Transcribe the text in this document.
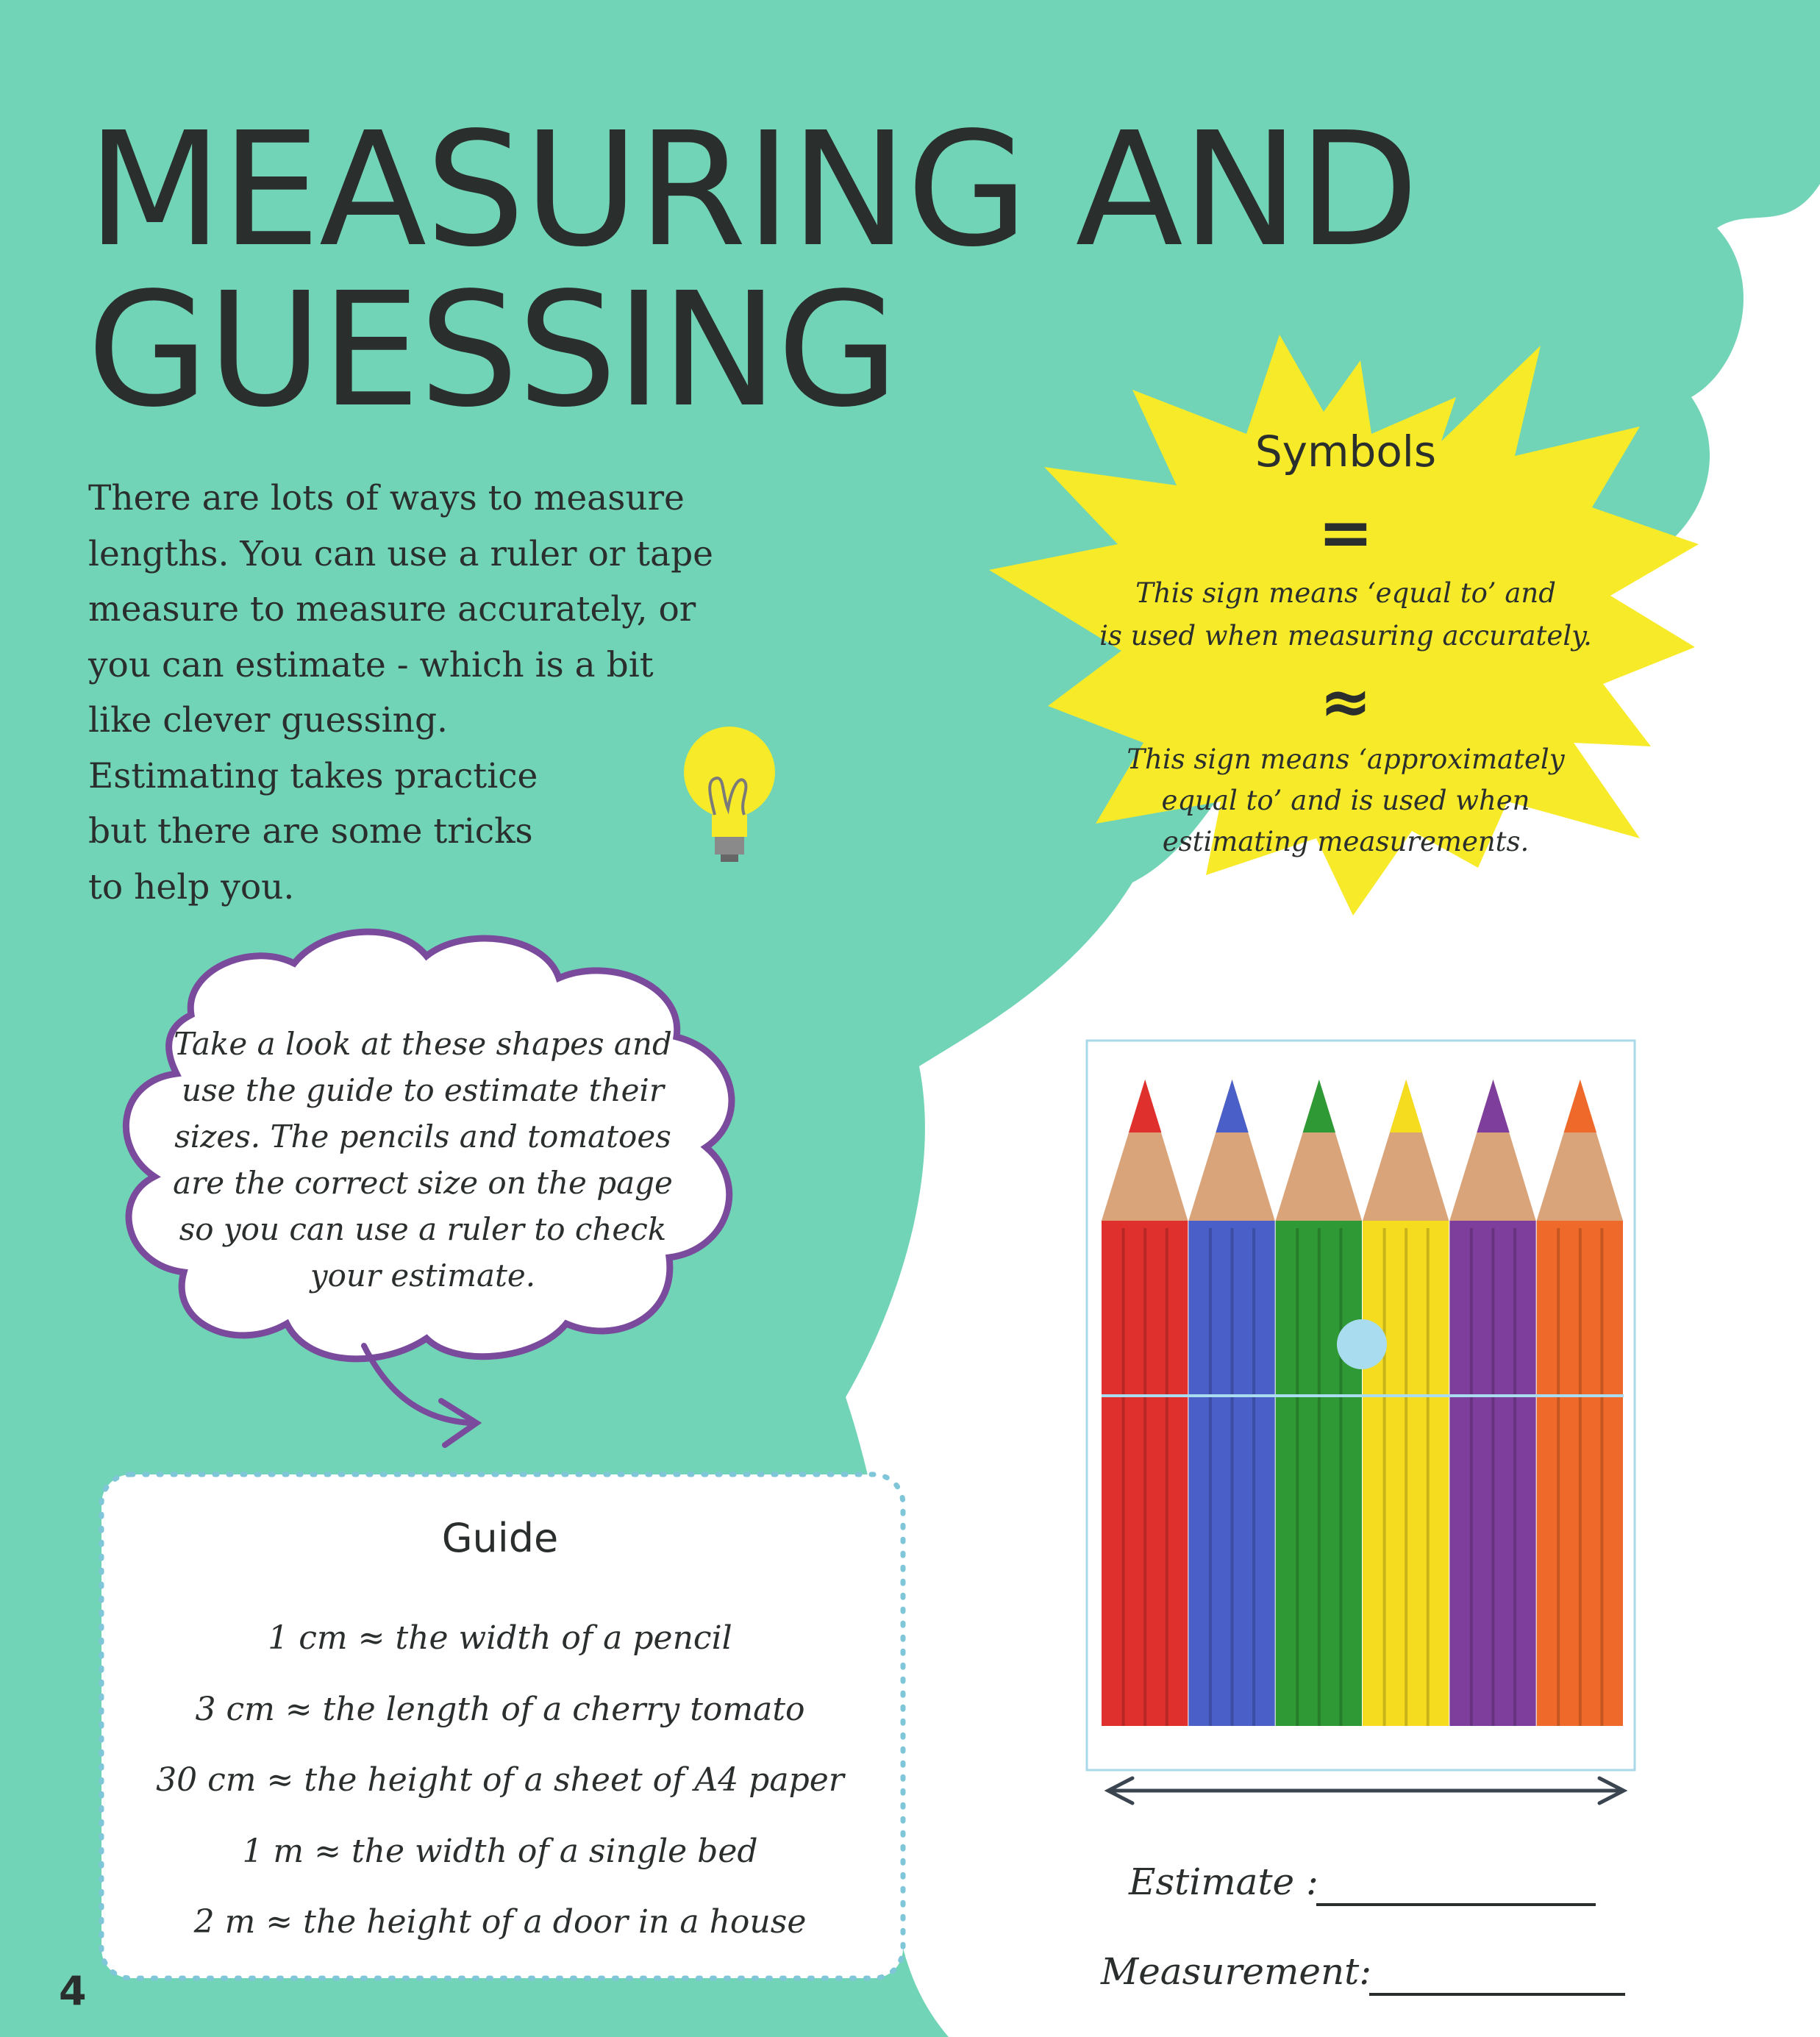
MEASURING AND
GUESSING

There are lots of ways to measure
lengths. You can use a ruler or tape
measure to measure accurately, or
you can estimate - which is a bit
like clever guessing.
Estimating takes practice
but there are some tricks
to help you.

Symbols
=
This sign means ‘equal to’ and
is used when measuring accurately.
≈
This sign means ‘approximately
equal to’ and is used when
estimating measurements.
Take a look at these shapes and
use the guide to estimate their
sizes. The pencils and tomatoes
are the correct size on the page
so you can use a ruler to check
your estimate.
Guide
1 cm ≈ the width of a pencil
3 cm ≈ the length of a cherry tomato
30 cm ≈ the height of a sheet of A4 paper
1 m ≈ the width of a single bed
2 m ≈ the height of a door in a house
Estimate :
Measurement:
4
